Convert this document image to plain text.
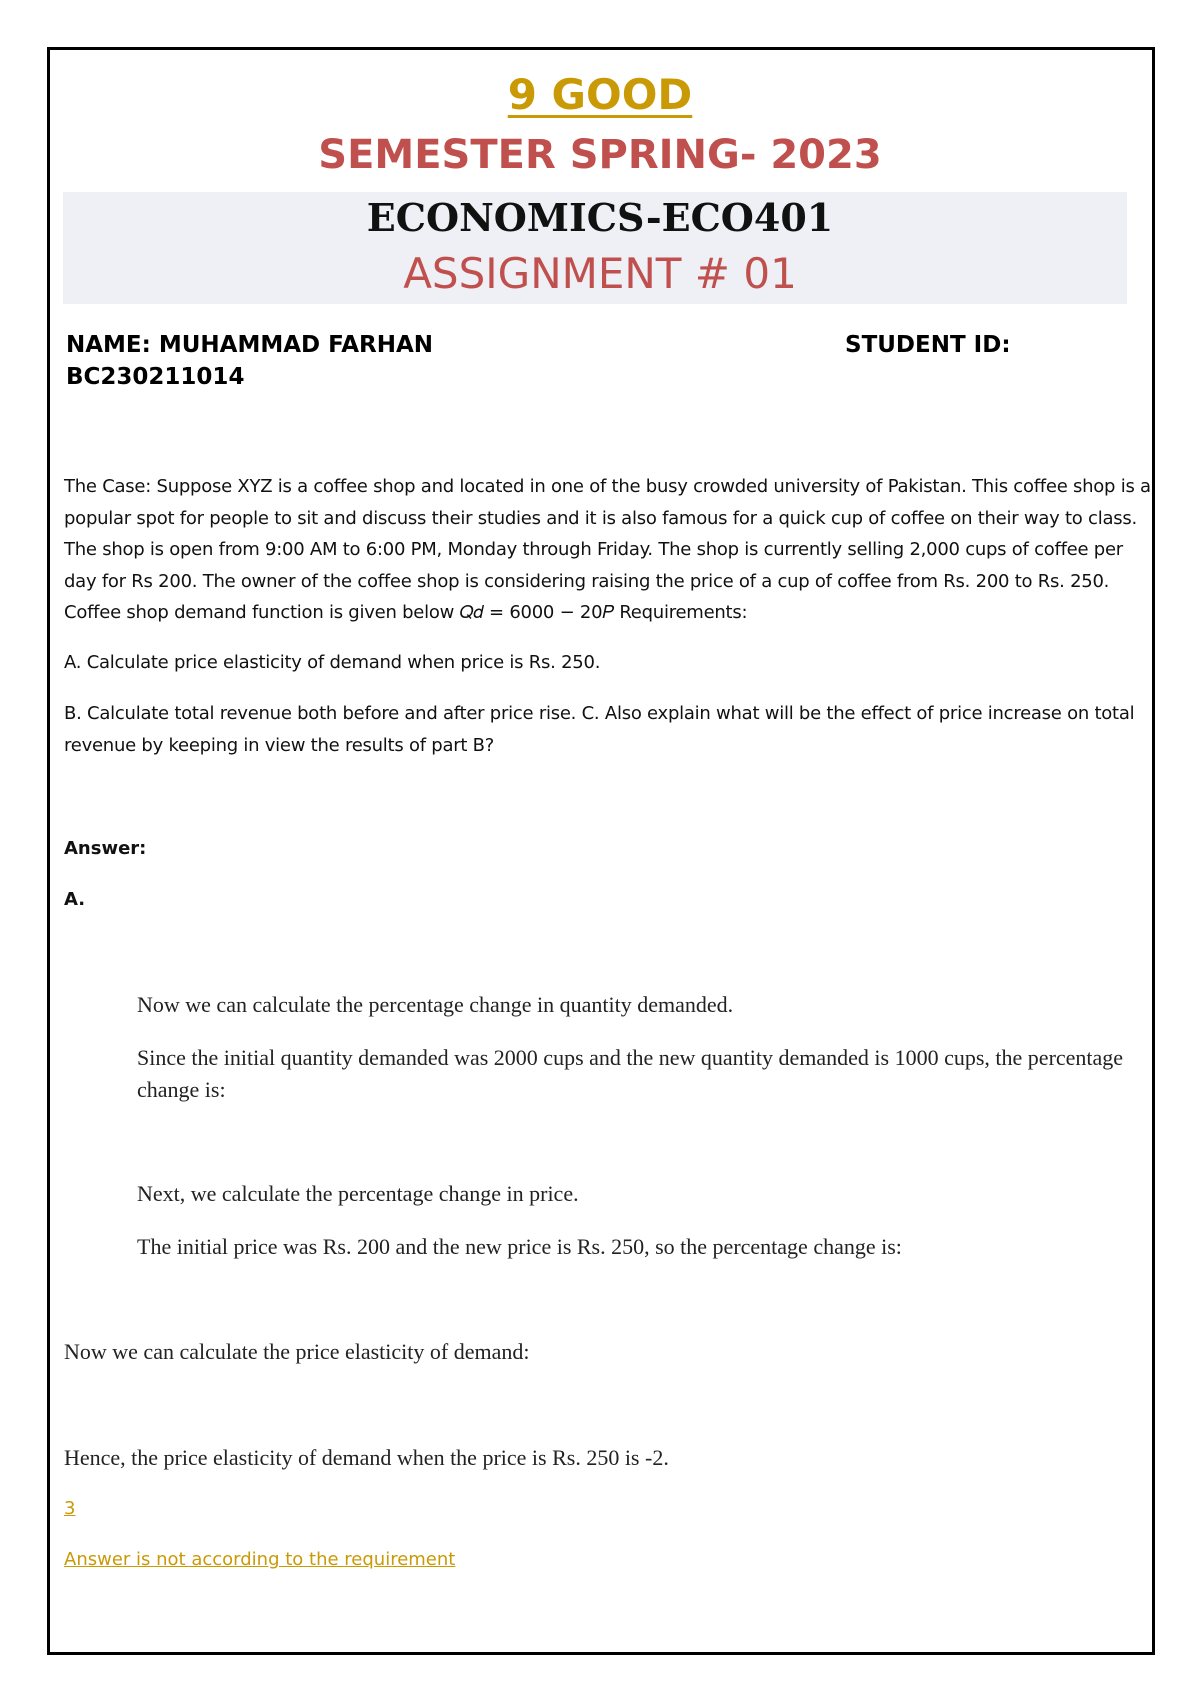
9 GOOD
SEMESTER SPRING- 2023
ECONOMICS-ECO401
ASSIGNMENT # 01
NAME: MUHAMMAD FARHAN	STUDENT ID:
BC230211014
The Case: Suppose XYZ is a coffee shop and located in one of the busy crowded university of Pakistan. This coffee shop is a popular spot for people to sit and discuss their studies and it is also famous for a quick cup of coffee on their way to class. The shop is open from 9:00 AM to 6:00 PM, Monday through Friday. The shop is currently selling 2,000 cups of coffee per day for Rs 200. The owner of the coffee shop is considering raising the price of a cup of coffee from Rs. 200 to Rs. 250. Coffee shop demand function is given below 𝑄𝑑 = 6000 − 20𝑃 Requirements:
A. Calculate price elasticity of demand when price is Rs. 250.
B. Calculate total revenue both before and after price rise. C. Also explain what will be the effect of price increase on total revenue by keeping in view the results of part B?
Answer:
A.
Now we can calculate the percentage change in quantity demanded.
Since the initial quantity demanded was 2000 cups and the new quantity demanded is 1000 cups, the percentage change is:
Next, we calculate the percentage change in price.
The initial price was Rs. 200 and the new price is Rs. 250, so the percentage change is:
Now we can calculate the price elasticity of demand:
Hence, the price elasticity of demand when the price is Rs. 250 is -2.
3
Answer is not according to the requirement
